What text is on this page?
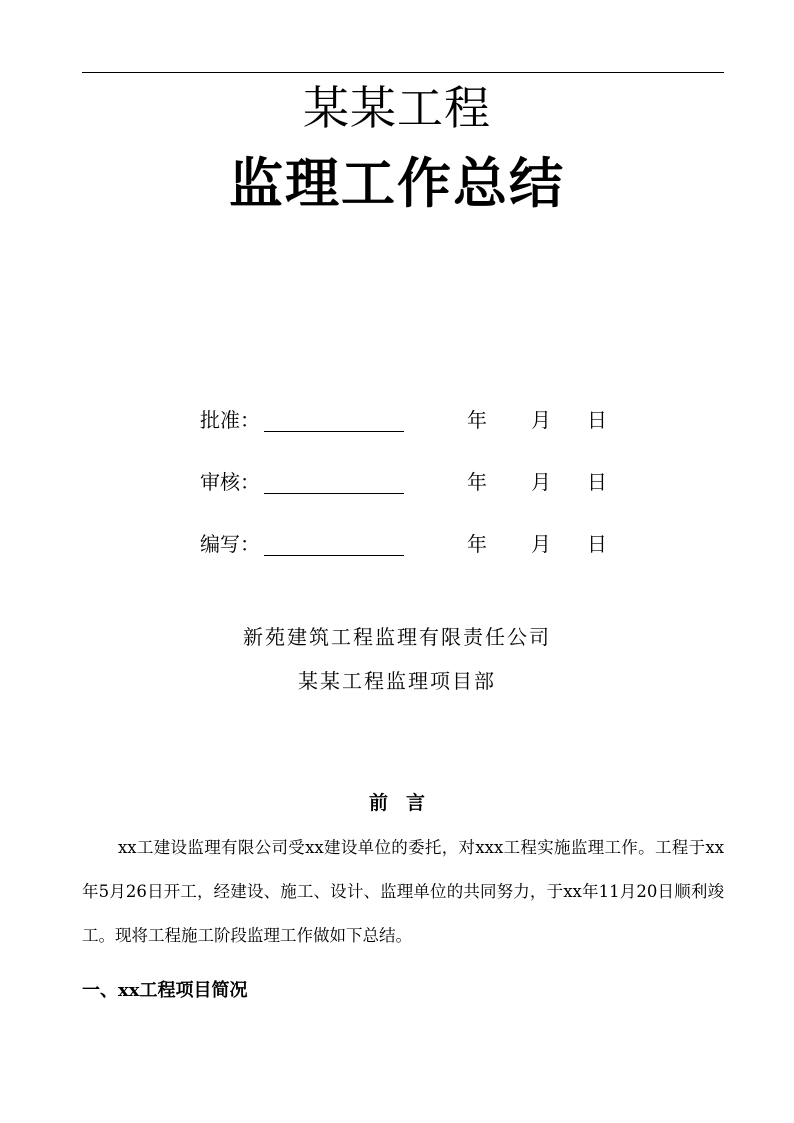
某某工程
监理工作总结
批准：	年 月 日
审核：	年 月 日
编写：	年 月 日
新苑建筑工程监理有限责任公司
某某工程监理项目部
前言
xx工建设监理有限公司受xx建设单位的委托，对xxx工程实施监理工作。工程于xx年5月26日开工，经建设、施工、设计、监理单位的共同努力，于xx年11月20日顺利竣工。现将工程施工阶段监理工作做如下总结。
一、xx工程项目简况
